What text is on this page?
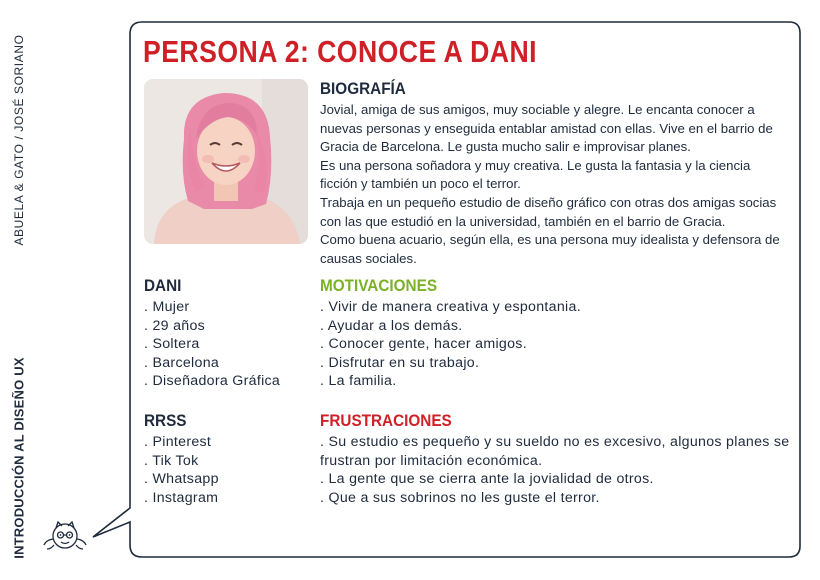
ABUELA & GATO / JOSÉ SORIANO
INTRODUCCIÓN AL DISEÑO UX
PERSONA 2: CONOCE A DANI
BIOGRAFÍA

Jovial, amiga de sus amigos, muy sociable y alegre. Le encanta conocer a nuevas personas y enseguida entablar amistad con ellas. Vive en el barrio de Gracia de Barcelona. Le gusta mucho salir e improvisar planes.

Es una persona soñadora y muy creativa. Le gusta la fantasia y la ciencia ficción y también un poco el terror.

Trabaja en un pequeño estudio de diseño gráfico con otras dos amigas socias con las que estudió en la universidad, también en el barrio de Gracia.

Como buena acuario, según ella, es una persona muy idealista y defensora de causas sociales.

DANI
. Mujer
. 29 años
. Soltera
. Barcelona
. Diseñadora Gráfica
MOTIVACIONES
. Vivir de manera creativa y espontania.
. Ayudar a los demás.
. Conocer gente, hacer amigos.
. Disfrutar en su trabajo.
. La familia.
RRSS
. Pinterest
. Tik Tok
. Whatsapp
. Instagram
FRUSTRACIONES
. Su estudio es pequeño y su sueldo no es excesivo, algunos planes se frustran por limitación económica.
. La gente que se cierra ante la jovialidad de otros.
. Que a sus sobrinos no les guste el terror.
